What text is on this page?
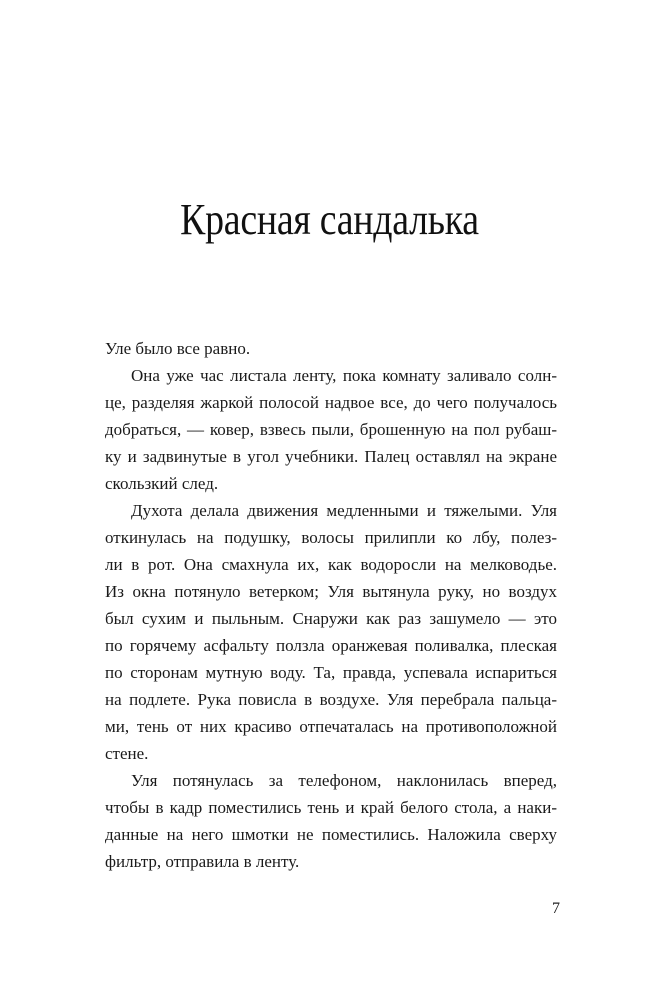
Красная сандалька
Уле было все равно.
Она уже час листала ленту, пока комнату заливало солн-
це, разделяя жаркой полосой надвое все, до чего получалось
добраться, — ковер, взвесь пыли, брошенную на пол рубаш-
ку и задвинутые в угол учебники. Палец оставлял на экране
скользкий след.
Духота делала движения медленными и тяжелыми. Уля
откинулась на подушку, волосы прилипли ко лбу, полез-
ли в рот. Она смахнула их, как водоросли на мелководье.
Из окна потянуло ветерком; Уля вытянула руку, но воздух
был сухим и пыльным. Снаружи как раз зашумело — это
по горячему асфальту ползла оранжевая поливалка, плеская
по сторонам мутную воду. Та, правда, успевала испариться
на подлете. Рука повисла в воздухе. Уля перебрала пальца-
ми, тень от них красиво отпечаталась на противоположной
стене.
Уля потянулась за телефоном, наклонилась вперед,
чтобы в кадр поместились тень и край белого стола, а наки-
данные на него шмотки не поместились. Наложила сверху
фильтр, отправила в ленту.
7
